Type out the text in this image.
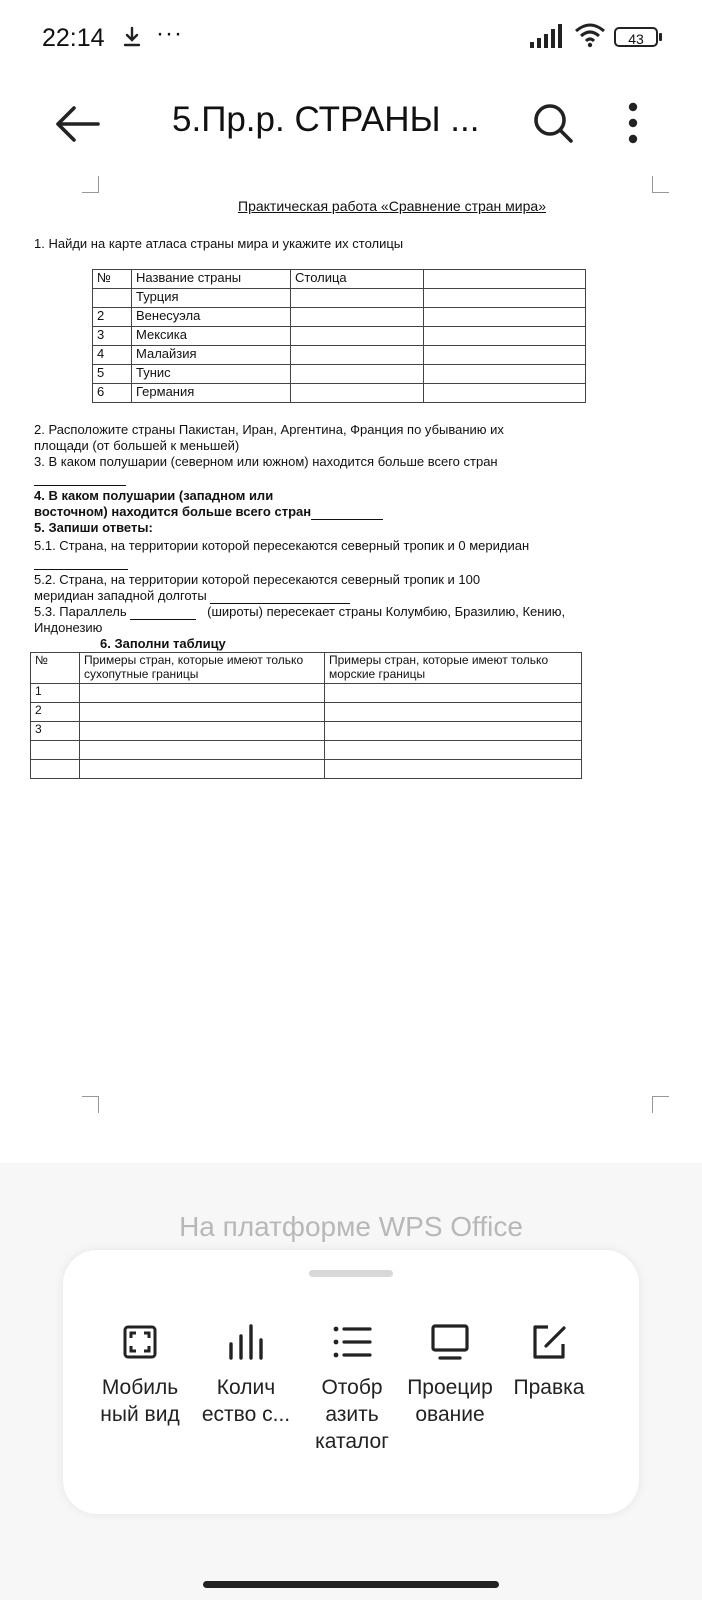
22:14 ···	43
5.Пр.р. СТРАНЫ ...
Практическая работа «Сравнение стран мира»
1. Найди на карте атласа страны мира и укажите их столицы
№	Название страны	Столица	
	Турция		
2	Венесуэла		
3	Мексика		
4	Малайзия		
5	Тунис		
6	Германия		
2. Расположите страны Пакистан, Иран, Аргентина, Франция по убыванию их
площади (от большей к меньшей)
3. В каком полушарии (северном или южном) находится больше всего стран
4. В каком полушарии (западном или
восточном) находится больше всего стран
5. Запиши ответы:
5.1. Страна, на территории которой пересекаются северный тропик и 0 меридиан
5.2. Страна, на территории которой пересекаются северный тропик и 100
меридиан западной долготы
5.3. Параллель	(широты) пересекает страны Колумбию, Бразилию, Кению,
Индонезию
6. Заполни таблицу
№	Примеры стран, которые имеют только сухопутные границы	Примеры стран, которые имеют только морские границы
1		
2		
3		

На платформе WPS Office
Мобиль ный вид
Колич ество с...
Отобр азить каталог
Проецир ование
Правка
